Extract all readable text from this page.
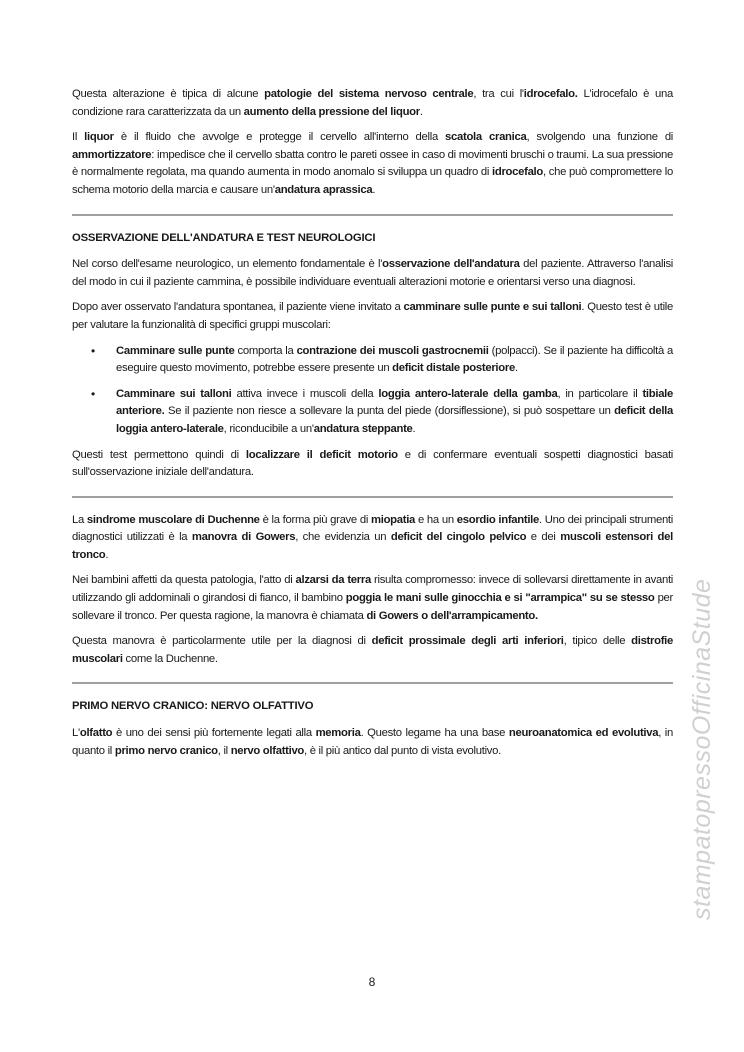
Questa alterazione è tipica di alcune patologie del sistema nervoso centrale, tra cui l'idrocefalo. L'idrocefalo è una condizione rara caratterizzata da un aumento della pressione del liquor.
Il liquor è il fluido che avvolge e protegge il cervello all'interno della scatola cranica, svolgendo una funzione di ammortizzatore: impedisce che il cervello sbatta contro le pareti ossee in caso di movimenti bruschi o traumi. La sua pressione è normalmente regolata, ma quando aumenta in modo anomalo si sviluppa un quadro di idrocefalo, che può compromettere lo schema motorio della marcia e causare un'andatura aprassica.
OSSERVAZIONE DELL'ANDATURA E TEST NEUROLOGICI
Nel corso dell'esame neurologico, un elemento fondamentale è l'osservazione dell'andatura del paziente. Attraverso l'analisi del modo in cui il paziente cammina, è possibile individuare eventuali alterazioni motorie e orientarsi verso una diagnosi.
Dopo aver osservato l'andatura spontanea, il paziente viene invitato a camminare sulle punte e sui talloni. Questo test è utile per valutare la funzionalità di specifici gruppi muscolari:
• Camminare sulle punte comporta la contrazione dei muscoli gastrocnemii (polpacci). Se il paziente ha difficoltà a eseguire questo movimento, potrebbe essere presente un deficit distale posteriore.
• Camminare sui talloni attiva invece i muscoli della loggia antero-laterale della gamba, in particolare il tibiale anteriore. Se il paziente non riesce a sollevare la punta del piede (dorsiflessione), si può sospettare un deficit della loggia antero-laterale, riconducibile a un'andatura steppante.
Questi test permettono quindi di localizzare il deficit motorio e di confermare eventuali sospetti diagnostici basati sull'osservazione iniziale dell'andatura.
La sindrome muscolare di Duchenne è la forma più grave di miopatia e ha un esordio infantile. Uno dei principali strumenti diagnostici utilizzati è la manovra di Gowers, che evidenzia un deficit del cingolo pelvico e dei muscoli estensori del tronco.
Nei bambini affetti da questa patologia, l'atto di alzarsi da terra risulta compromesso: invece di sollevarsi direttamente in avanti utilizzando gli addominali o girandosi di fianco, il bambino poggia le mani sulle ginocchia e si "arrampica" su se stesso per sollevare il tronco. Per questa ragione, la manovra è chiamata di Gowers o dell'arrampicamento.
Questa manovra è particolarmente utile per la diagnosi di deficit prossimale degli arti inferiori, tipico delle distrofie muscolari come la Duchenne.
PRIMO NERVO CRANICO: NERVO OLFATTIVO
L'olfatto è uno dei sensi più fortemente legati alla memoria. Questo legame ha una base neuroanatomica ed evolutiva, in quanto il primo nervo cranico, il nervo olfattivo, è il più antico dal punto di vista evolutivo.	stampatopressoOfficinaStude
8
